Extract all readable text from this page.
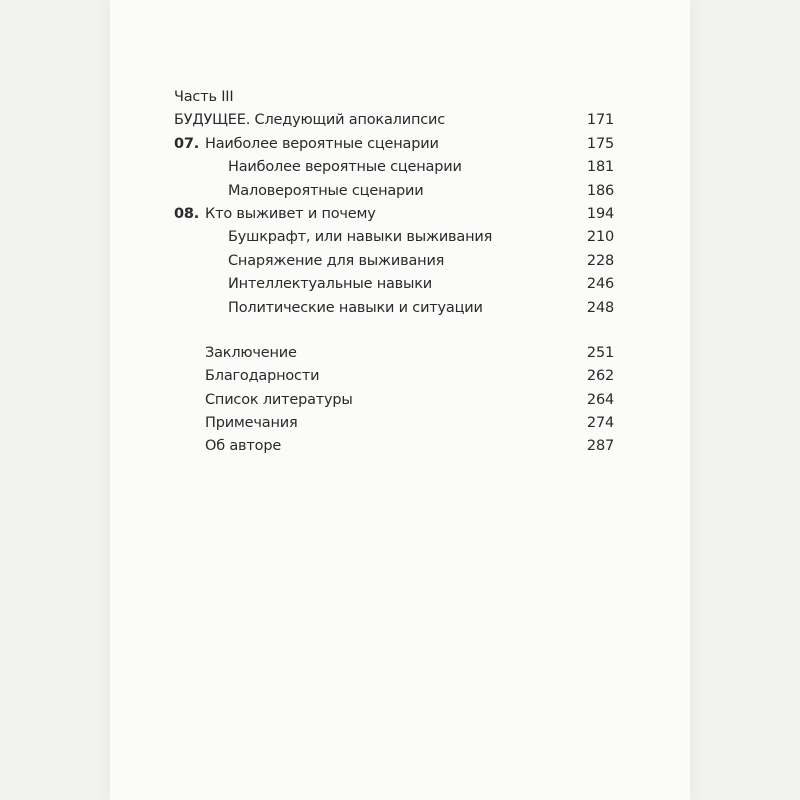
Часть III
БУДУЩЕЕ. Следующий апокалипсис	171
07. Наиболее вероятные сценарии	175
Наиболее вероятные сценарии	181
Маловероятные сценарии	186
08. Кто выживет и почему	194
Бушкрафт, или навыки выживания	210
Снаряжение для выживания	228
Интеллектуальные навыки	246
Политические навыки и ситуации	248
Заключение	251
Благодарности	262
Список литературы	264
Примечания	274
Об авторе	287
